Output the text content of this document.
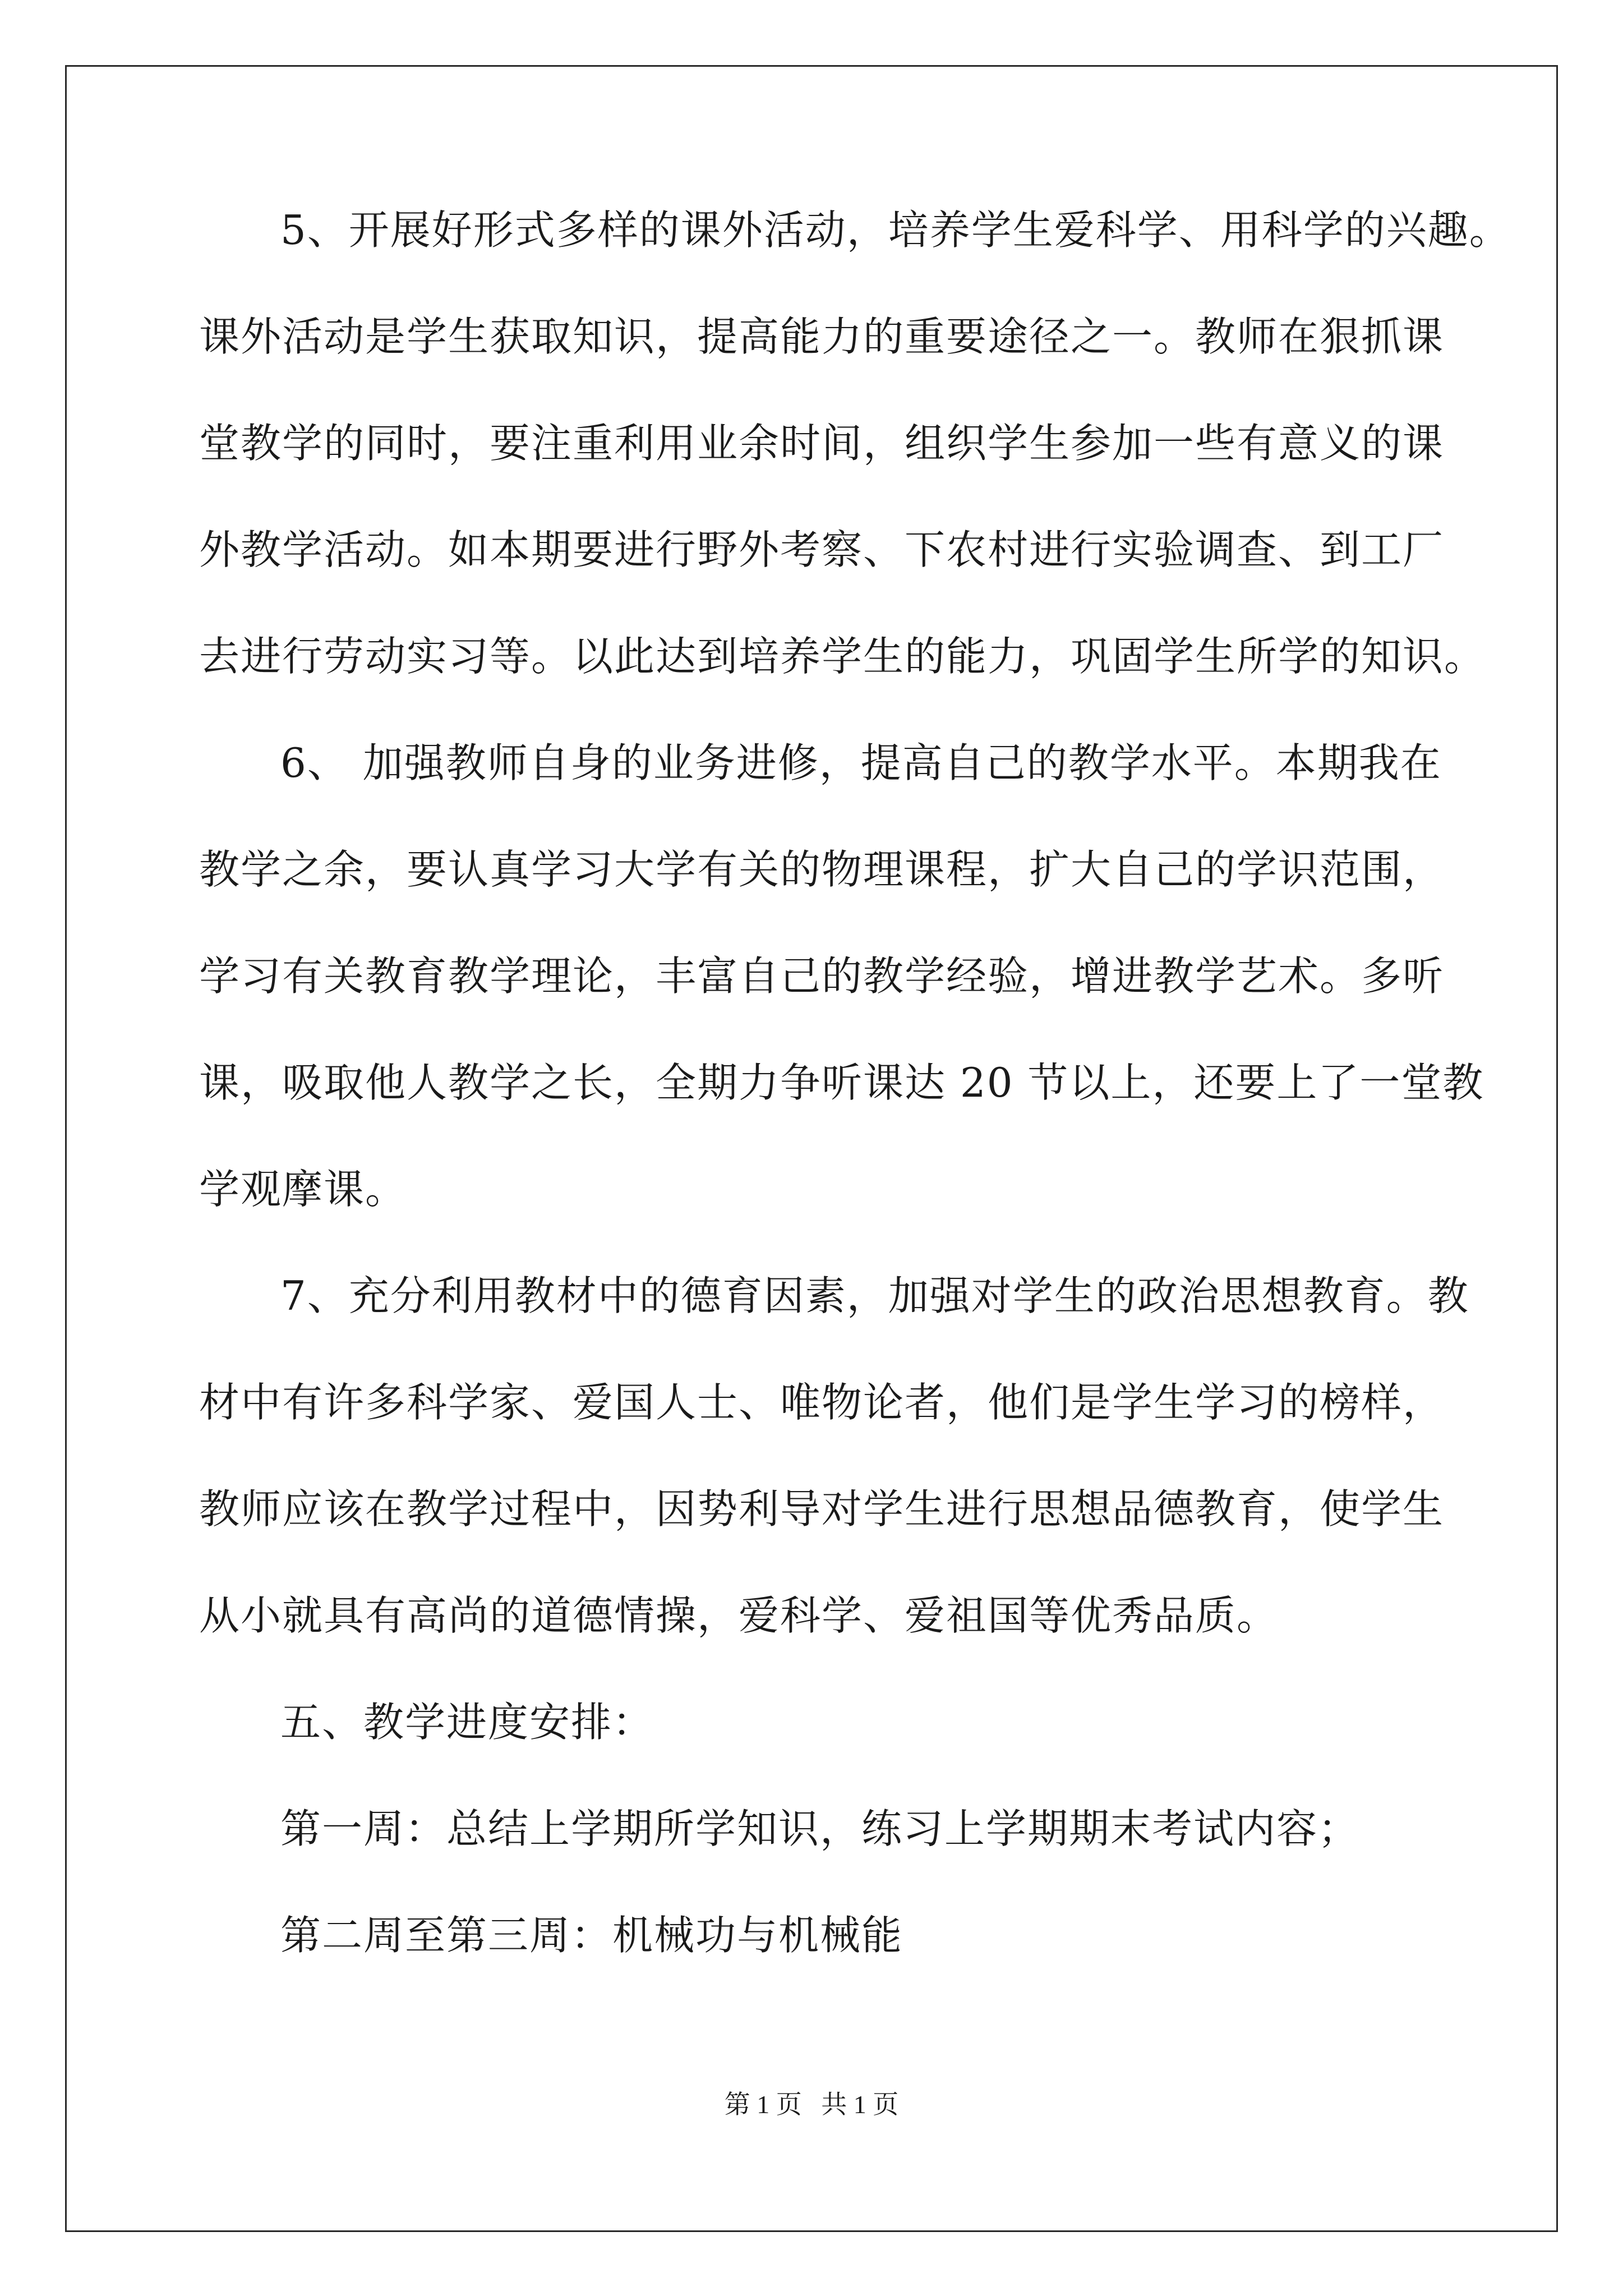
5、开展好形式多样的课外活动，培养学生爱科学、用科学的兴趣。
课外活动是学生获取知识，提高能力的重要途径之一。教师在狠抓课
堂教学的同时，要注重利用业余时间，组织学生参加一些有意义的课
外教学活动。如本期要进行野外考察、下农村进行实验调查、到工厂
去进行劳动实习等。以此达到培养学生的能力，巩固学生所学的知识。
6、 加强教师自身的业务进修，提高自己的教学水平。本期我在
教学之余，要认真学习大学有关的物理课程，扩大自己的学识范围，
学习有关教育教学理论，丰富自己的教学经验，增进教学艺术。多听
课，吸取他人教学之长，全期力争听课达 20 节以上，还要上了一堂教
学观摩课。
7、充分利用教材中的德育因素，加强对学生的政治思想教育。教
材中有许多科学家、爱国人士、唯物论者，他们是学生学习的榜样，
教师应该在教学过程中，因势利导对学生进行思想品德教育，使学生
从小就具有高尚的道德情操，爱科学、爱祖国等优秀品质。
五、教学进度安排：
第一周：总结上学期所学知识，练习上学期期末考试内容；
第二周至第三周：机械功与机械能
第 1 页   共 1 页
